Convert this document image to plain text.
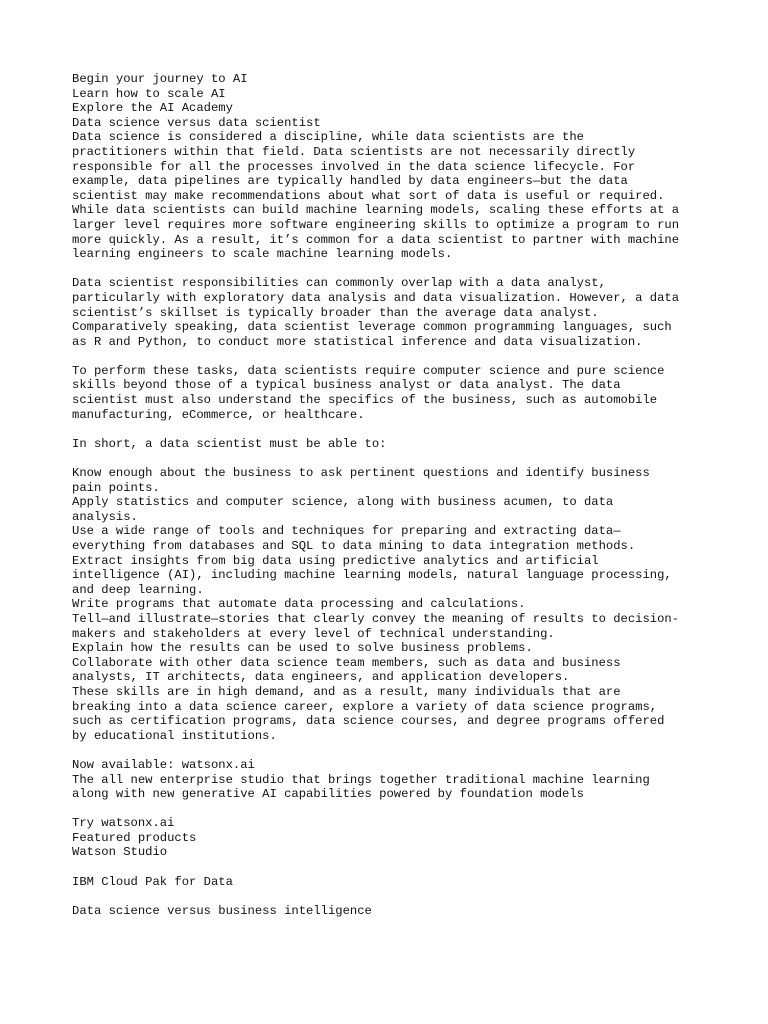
Begin your journey to AI
Learn how to scale AI
Explore the AI Academy
Data science versus data scientist
Data science is considered a discipline, while data scientists are the
practitioners within that field. Data scientists are not necessarily directly
responsible for all the processes involved in the data science lifecycle. For
example, data pipelines are typically handled by data engineers—but the data
scientist may make recommendations about what sort of data is useful or required.
While data scientists can build machine learning models, scaling these efforts at a
larger level requires more software engineering skills to optimize a program to run
more quickly. As a result, it’s common for a data scientist to partner with machine
learning engineers to scale machine learning models.
Data scientist responsibilities can commonly overlap with a data analyst,
particularly with exploratory data analysis and data visualization. However, a data
scientist’s skillset is typically broader than the average data analyst.
Comparatively speaking, data scientist leverage common programming languages, such
as R and Python, to conduct more statistical inference and data visualization.
To perform these tasks, data scientists require computer science and pure science
skills beyond those of a typical business analyst or data analyst. The data
scientist must also understand the specifics of the business, such as automobile
manufacturing, eCommerce, or healthcare.
In short, a data scientist must be able to:
Know enough about the business to ask pertinent questions and identify business
pain points.
Apply statistics and computer science, along with business acumen, to data
analysis.
Use a wide range of tools and techniques for preparing and extracting data—
everything from databases and SQL to data mining to data integration methods.
Extract insights from big data using predictive analytics and artificial
intelligence (AI), including machine learning models, natural language processing,
and deep learning.
Write programs that automate data processing and calculations.
Tell—and illustrate—stories that clearly convey the meaning of results to decision-
makers and stakeholders at every level of technical understanding.
Explain how the results can be used to solve business problems.
Collaborate with other data science team members, such as data and business
analysts, IT architects, data engineers, and application developers.
These skills are in high demand, and as a result, many individuals that are
breaking into a data science career, explore a variety of data science programs,
such as certification programs, data science courses, and degree programs offered
by educational institutions.
Now available: watsonx.ai
The all new enterprise studio that brings together traditional machine learning
along with new generative AI capabilities powered by foundation models
Try watsonx.ai
Featured products
Watson Studio
IBM Cloud Pak for Data
Data science versus business intelligence
